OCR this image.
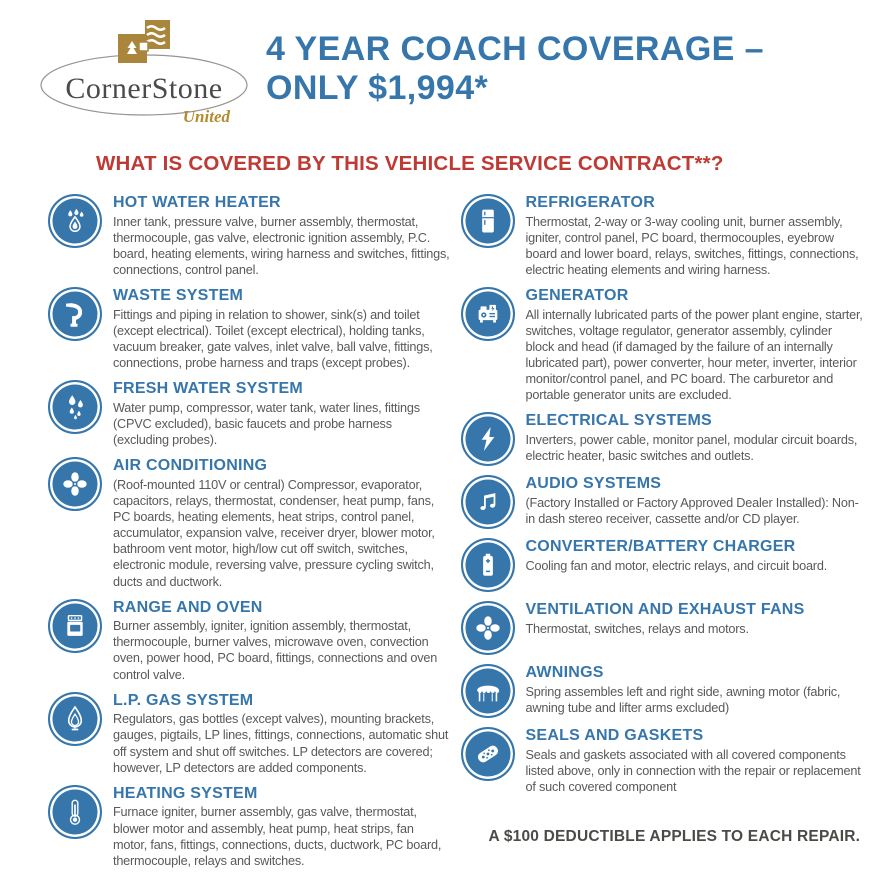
CornerStone
United
4 YEAR COACH COVERAGE –
ONLY $1,994*
WHAT IS COVERED BY THIS VEHICLE SERVICE CONTRACT**?
HOT WATER HEATER

Inner tank, pressure valve, burner assembly, thermostat, thermocouple, gas valve, electronic ignition assembly, P.C. board, heating elements, wiring harness and switches, fittings, connections, control panel.

WASTE SYSTEM

Fittings and piping in relation to shower, sink(s) and toilet (except electrical). Toilet (except electrical), holding tanks, vacuum breaker, gate valves, inlet valve, ball valve, fittings, connections, probe harness and traps (except probes).

FRESH WATER SYSTEM

Water pump, compressor, water tank, water lines, fittings (CPVC excluded), basic faucets and probe harness (excluding probes).

AIR CONDITIONING

(Roof-mounted 110V or central) Compressor, evaporator, capacitors, relays, thermostat, condenser, heat pump, fans, PC boards, heating elements, heat strips, control panel, accumulator, expansion valve, receiver dryer, blower motor, bathroom vent motor, high/low cut off switch, switches, electronic module, reversing valve, pressure cycling switch, ducts and ductwork.

RANGE AND OVEN

Burner assembly, igniter, ignition assembly, thermostat, thermocouple, burner valves, microwave oven, convection oven, power hood, PC board, fittings, connections and oven control valve.

L.P. GAS SYSTEM

Regulators, gas bottles (except valves), mounting brackets, gauges, pigtails, LP lines, fittings, connections, automatic shut off system and shut off switches. LP detectors are covered; however, LP detectors are added components.

HEATING SYSTEM

Furnace igniter, burner assembly, gas valve, thermostat, blower motor and assembly, heat pump, heat strips, fan motor, fans, fittings, connections, ducts, ductwork, PC board, thermocouple, relays and switches.

REFRIGERATOR

Thermostat, 2-way or 3-way cooling unit, burner assembly, igniter, control panel, PC board, thermocouples, eyebrow board and lower board, relays, switches, fittings, connections, electric heating elements and wiring harness.

GENERATOR

All internally lubricated parts of the power plant engine, starter, switches, voltage regulator, generator assembly, cylinder block and head (if damaged by the failure of an internally lubricated part), power converter, hour meter, inverter, interior monitor/control panel, and PC board. The carburetor and portable generator units are excluded.

ELECTRICAL SYSTEMS

Inverters, power cable, monitor panel, modular circuit boards, electric heater, basic switches and outlets.

AUDIO SYSTEMS

(Factory Installed or Factory Approved Dealer Installed): Non-in dash stereo receiver, cassette and/or CD player.

CONVERTER/BATTERY CHARGER

Cooling fan and motor, electric relays, and circuit board.

VENTILATION AND EXHAUST FANS

Thermostat, switches, relays and motors.

AWNINGS

Spring assembles left and right side, awning motor (fabric, awning tube and lifter arms excluded)

SEALS AND GASKETS

Seals and gaskets associated with all covered components listed above, only in connection with the repair or replacement of such covered component

A $100 DEDUCTIBLE APPLIES TO EACH REPAIR.
